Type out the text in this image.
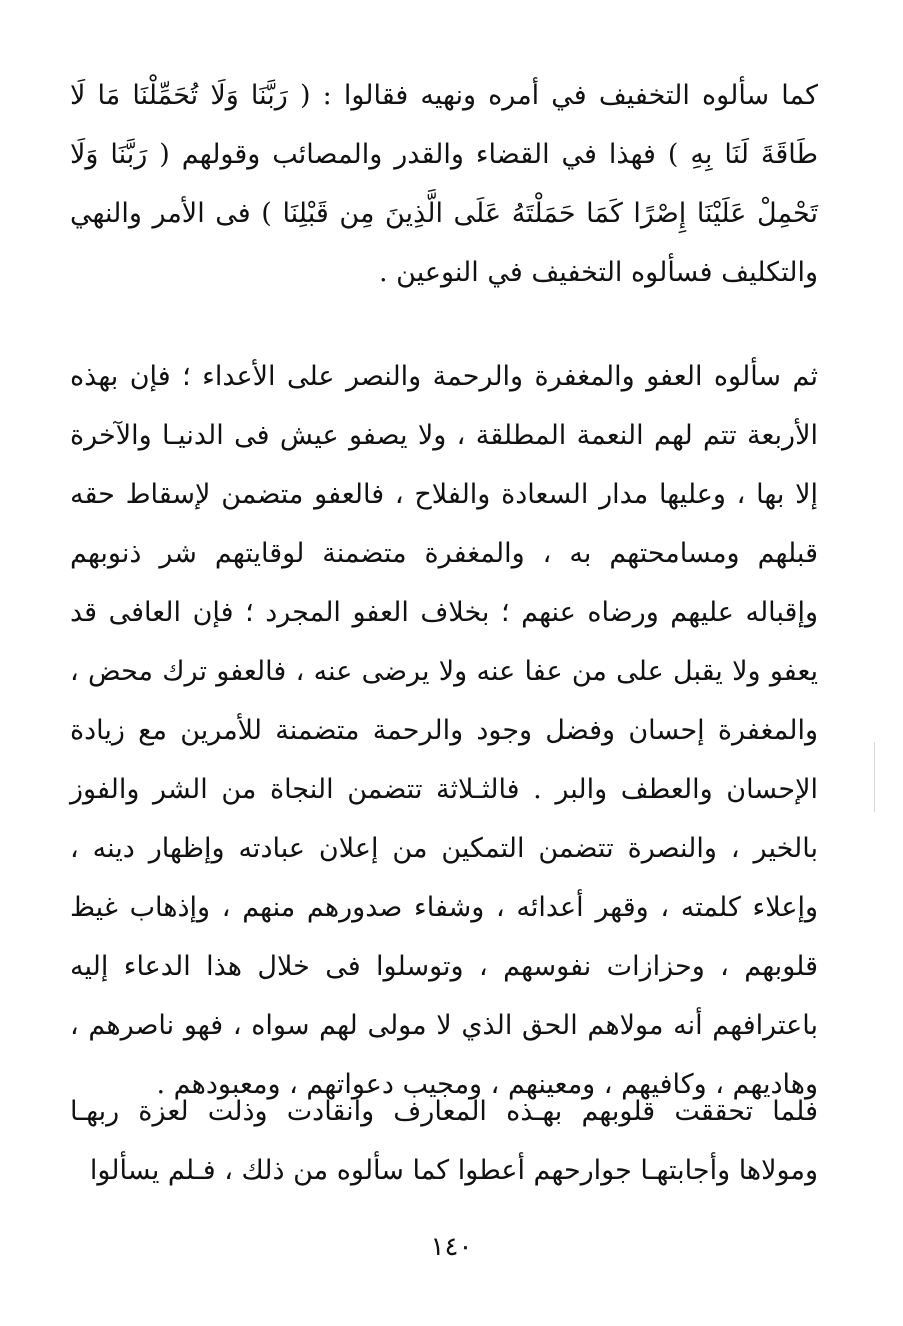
كما سألوه التخفيف في أمره ونهيه فقالوا : ( رَبَّنَا وَلَا تُحَمِّلْنَا مَا لَا طَاقَةَ لَنَا بِهِ ) فهذا في القضاء والقدر والمصائب وقولهم ( رَبَّنَا وَلَا تَحْمِلْ عَلَيْنَا إِصْرًا كَمَا حَمَلْتَهُ عَلَى الَّذِينَ مِن قَبْلِنَا ) فى الأمر والنهي والتكليف فسألوه التخفيف في النوعين .

ثم سألوه العفو والمغفرة والرحمة والنصر على الأعداء ؛ فإن بهذه الأربعة تتم لهم النعمة المطلقة ، ولا يصفو عيش فى الدنيـا والآخرة إلا بها ، وعليها مدار السعادة والفلاح ، فالعفو متضمن لإسقاط حقه قبلهم ومسامحتهم به ، والمغفرة متضمنة لوقايتهم شر ذنوبهم وإقباله عليهم ورضاه عنهم ؛ بخلاف العفو المجرد ؛ فإن العافى قد يعفو ولا يقبل على من عفا عنه ولا يرضى عنه ، فالعفو ترك محض ، والمغفرة إحسان وفضل وجود والرحمة متضمنة للأمرين مع زيادة الإحسان والعطف والبر . فالثـلاثة تتضمن النجاة من الشر والفوز بالخير ، والنصرة تتضمن التمكين من إعلان عبادته وإظهار دينه ، وإعلاء كلمته ، وقهر أعدائه ، وشفاء صدورهم منهم ، وإذهاب غيظ قلوبهم ، وحزازات نفوسهم ، وتوسلوا فى خلال هذا الدعاء إليه باعترافهم أنه مولاهم الحق الذي لا مولى لهم سواه ، فهو ناصرهم ، وهاديهم ، وكافيهم ، ومعينهم ، ومجيب دعواتهم ، ومعبودهم .

فلما تحققت قلوبهم بهـذه المعارف وانقادت وذلت لعزة ربهـا ومولاها وأجابتهـا جوارحهم أعطوا كما سألوه من ذلك ، فـلم يسألوا

١٤٠
